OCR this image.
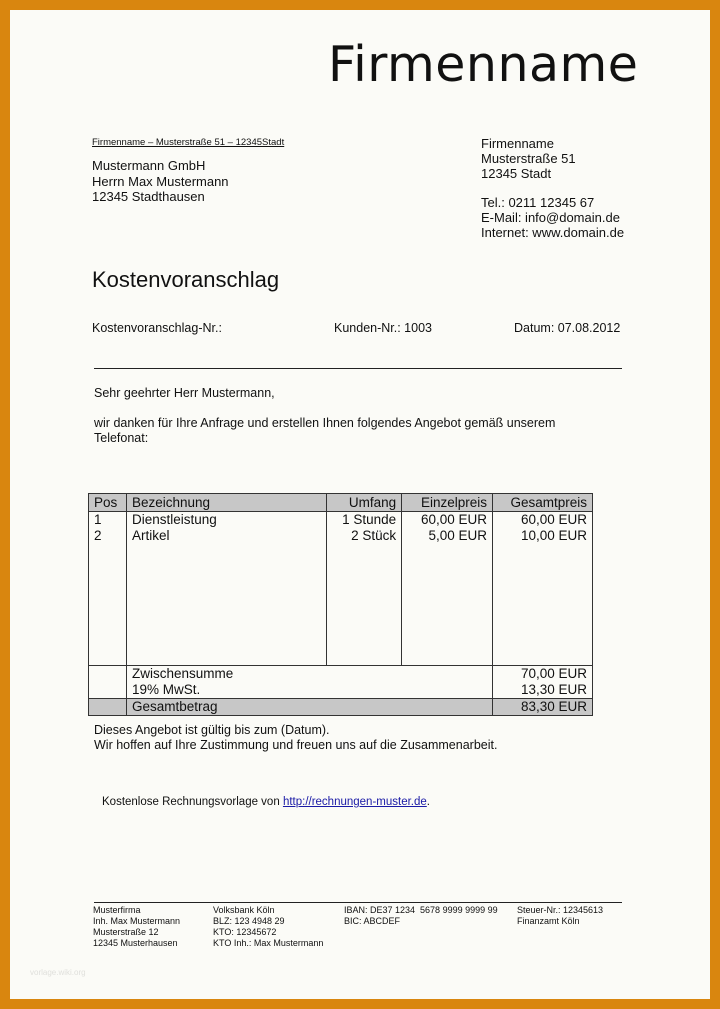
Firmenname
Firmenname – Musterstraße 51 – 12345Stadt
Mustermann GmbH
Herrn Max Mustermann
12345 Stadthausen
Firmenname
Musterstraße 51
12345 Stadt
Tel.: 0211 12345 67
E-Mail: info@domain.de
Internet: www.domain.de
Kostenvoranschlag
Kostenvoranschlag-Nr.:	Kunden-Nr.: 1003	Datum: 07.08.2012
Sehr geehrter Herr Mustermann,
wir danken für Ihre Anfrage und erstellen Ihnen folgendes Angebot gemäß unserem Telefonat:
Pos	Bezeichnung	Umfang	Einzelpreis	Gesamtpreis
1	Dienstleistung	1 Stunde	60,00 EUR	60,00 EUR
2	Artikel	2 Stück	5,00 EUR	10,00 EUR

	Zwischensumme			70,00 EUR
	19% MwSt.			13,30 EUR
	Gesamtbetrag			83,30 EUR
Dieses Angebot ist gültig bis zum (Datum).
Wir hoffen auf Ihre Zustimmung und freuen uns auf die Zusammenarbeit.
Kostenlose Rechnungsvorlage von http://rechnungen-muster.de.
Musterfirma
Inh. Max Mustermann
Musterstraße 12
12345 Musterhausen
Volksbank Köln
BLZ: 123 4948 29
KTO: 12345672
KTO Inh.: Max Mustermann
IBAN: DE37 1234  5678 9999 9999 99
BIC: ABCDEF
Steuer-Nr.: 12345613
Finanzamt Köln
vorlage.wiki.org
